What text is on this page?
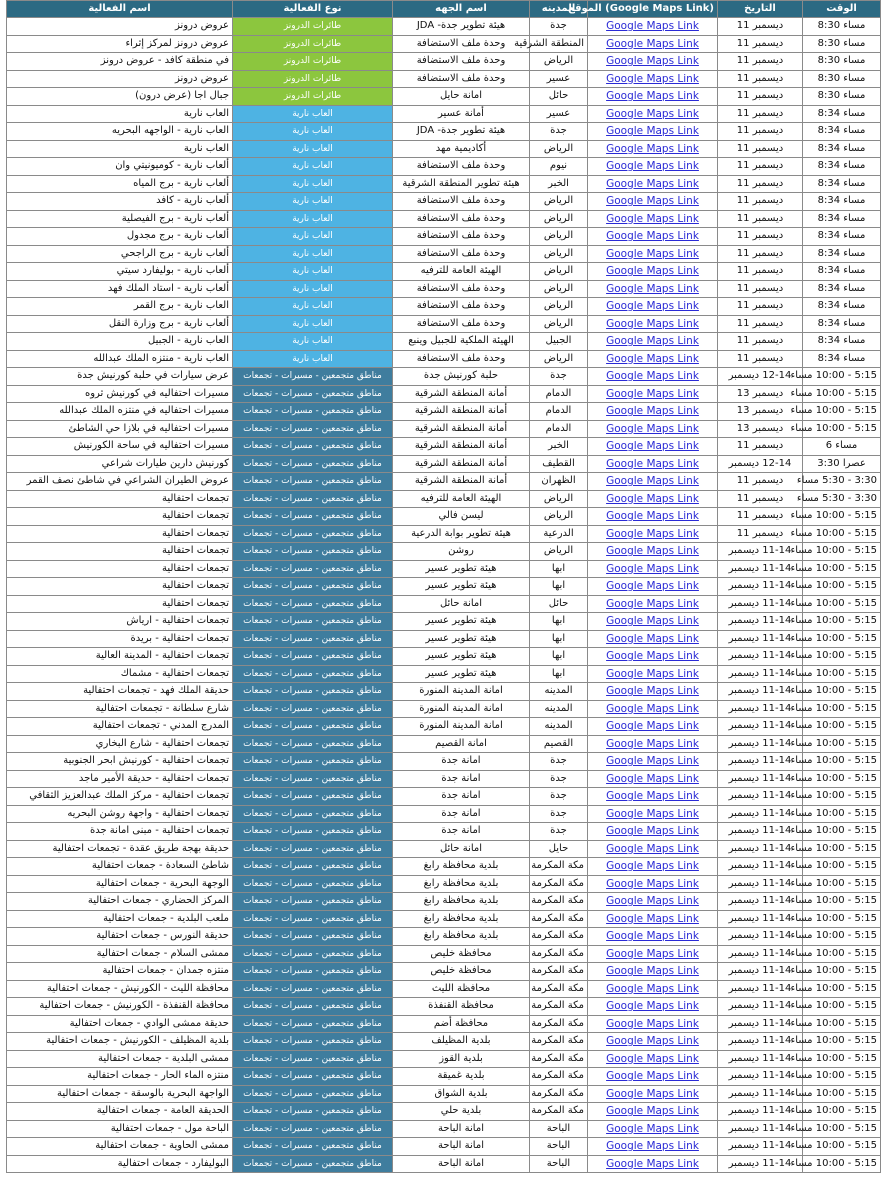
الوقت	التاريخ	(Google Maps Link) الموقع	المدينه	اسم الجهه	نوع الفعالية	اسم الفعالية
مساء 8:30	ديسمبر 11	Google Maps Link	جدة	هيئة تطوير جدة- JDA	طائرات الدرونز	عروض درونز
مساء 8:30	ديسمبر 11	Google Maps Link	المنطقة الشرقية	وحدة ملف الاستضافة	طائرات الدرونز	عروض درونز لمركز إثراء
مساء 8:30	ديسمبر 11	Google Maps Link	الرياض	وحدة ملف الاستضافة	طائرات الدرونز	في منطقة كافد - عروض درونز
مساء 8:30	ديسمبر 11	Google Maps Link	عسير	وحدة ملف الاستضافة	طائرات الدرونز	عروض درونز
مساء 8:30	ديسمبر 11	Google Maps Link	حائل	امانة حايل	طائرات الدرونز	جبال اجا (عرض درون)
مساء 8:34	ديسمبر 11	Google Maps Link	عسير	أمانة عسير	العاب نارية	العاب نارية
مساء 8:34	ديسمبر 11	Google Maps Link	جدة	هيئة تطوير جدة- JDA	العاب نارية	العاب نارية - الواجهه البحريه
مساء 8:34	ديسمبر 11	Google Maps Link	الرياض	أكاديمية مهد	العاب نارية	العاب نارية
مساء 8:34	ديسمبر 11	Google Maps Link	نيوم	وحدة ملف الاستضافة	العاب نارية	ألعاب نارية - كوميونيتي وان
مساء 8:34	ديسمبر 11	Google Maps Link	الخبر	هيئة تطوير المنطقة الشرقية	العاب نارية	ألعاب نارية - برج المياه
مساء 8:34	ديسمبر 11	Google Maps Link	الرياض	وحدة ملف الاستضافة	العاب نارية	ألعاب نارية - كافد
مساء 8:34	ديسمبر 11	Google Maps Link	الرياض	وحدة ملف الاستضافة	العاب نارية	ألعاب نارية - برج الفيصلية
مساء 8:34	ديسمبر 11	Google Maps Link	الرياض	وحدة ملف الاستضافة	العاب نارية	ألعاب نارية - برج مجدول
مساء 8:34	ديسمبر 11	Google Maps Link	الرياض	وحدة ملف الاستضافة	العاب نارية	ألعاب نارية - برج الراجحي
مساء 8:34	ديسمبر 11	Google Maps Link	الرياض	الهيئة العامة للترفيه	العاب نارية	ألعاب نارية - بوليفارد سيتي
مساء 8:34	ديسمبر 11	Google Maps Link	الرياض	وحدة ملف الاستضافة	العاب نارية	ألعاب نارية - استاد الملك فهد
مساء 8:34	ديسمبر 11	Google Maps Link	الرياض	وحدة ملف الاستضافة	العاب نارية	العاب نارية - برج القمر
مساء 8:34	ديسمبر 11	Google Maps Link	الرياض	وحدة ملف الاستضافة	العاب نارية	ألعاب نارية - برج وزارة النقل
مساء 8:34	ديسمبر 11	Google Maps Link	الجبيل	الهيئة الملكية للجبيل وينبع	العاب نارية	العاب نارية - الجبيل
مساء 8:34	ديسمبر 11	Google Maps Link	الرياض	وحدة ملف الاستضافة	العاب نارية	العاب نارية - منتزه الملك عبدالله
5:15 - 10:00 مساء	12-14 ديسمبر	Google Maps Link	جدة	حلبة كورنيش جدة	مناطق متجمعين - مسيرات - تجمعات	عرض سيارات في حلبة كورنيش جدة
5:15 - 10:00 مساء	ديسمبر 13	Google Maps Link	الدمام	أمانة المنطقة الشرقية	مناطق متجمعين - مسيرات - تجمعات	مسيرات احتفاليه في كورنيش ثروه
5:15 - 10:00 مساء	ديسمبر 13	Google Maps Link	الدمام	أمانة المنطقة الشرقية	مناطق متجمعين - مسيرات - تجمعات	مسيرات احتفاليه في منتزه الملك عبدالله
5:15 - 10:00 مساء	ديسمبر 13	Google Maps Link	الدمام	أمانة المنطقة الشرقية	مناطق متجمعين - مسيرات - تجمعات	مسيرات احتفاليه في بلازا حي الشاطئ
مساء 6	ديسمبر 11	Google Maps Link	الخبر	أمانة المنطقة الشرقية	مناطق متجمعين - مسيرات - تجمعات	مسيرات احتفاليه في ساحة الكورنيش
عصرا 3:30	12-14 ديسمبر	Google Maps Link	القطيف	أمانة المنطقة الشرقية	مناطق متجمعين - مسيرات - تجمعات	كورنيش دارين طيارات شراعي
3:30 - 5:30 مساء	ديسمبر 11	Google Maps Link	الظهران	أمانة المنطقة الشرقية	مناطق متجمعين - مسيرات - تجمعات	عروض الطيران الشراعي في شاطئ نصف القمر
3:30 - 5:30 مساء	ديسمبر 11	Google Maps Link	الرياض	الهيئة العامة للترفيه	مناطق متجمعين - مسيرات - تجمعات	تجمعات احتفالية
5:15 - 10:00 مساء	ديسمبر 11	Google Maps Link	الرياض	ليسن فالي	مناطق متجمعين - مسيرات - تجمعات	تجمعات احتفالية
5:15 - 10:00 مساء	ديسمبر 11	Google Maps Link	الدرعية	هيئة تطوير بوابة الدرعية	مناطق متجمعين - مسيرات - تجمعات	تجمعات احتفالية
5:15 - 10:00 مساء	11-14 ديسمبر	Google Maps Link	الرياض	روشن	مناطق متجمعين - مسيرات - تجمعات	تجمعات احتفالية
5:15 - 10:00 مساء	11-14 ديسمبر	Google Maps Link	ابها	هيئة تطوير عسير	مناطق متجمعين - مسيرات - تجمعات	تجمعات احتفالية
5:15 - 10:00 مساء	11-14 ديسمبر	Google Maps Link	ابها	هيئة تطوير عسير	مناطق متجمعين - مسيرات - تجمعات	تجمعات احتفالية
5:15 - 10:00 مساء	11-14 ديسمبر	Google Maps Link	حائل	امانة حائل	مناطق متجمعين - مسيرات - تجمعات	تجمعات احتفالية
5:15 - 10:00 مساء	11-14 ديسمبر	Google Maps Link	ابها	هيئة تطوير عسير	مناطق متجمعين - مسيرات - تجمعات	تجمعات احتفالية - ارياش
5:15 - 10:00 مساء	11-14 ديسمبر	Google Maps Link	ابها	هيئة تطوير عسير	مناطق متجمعين - مسيرات - تجمعات	تجمعات احتفالية - بريدة
5:15 - 10:00 مساء	11-14 ديسمبر	Google Maps Link	ابها	هيئة تطوير عسير	مناطق متجمعين - مسيرات - تجمعات	تجمعات احتفالية - المدينة العالية
5:15 - 10:00 مساء	11-14 ديسمبر	Google Maps Link	ابها	هيئة تطوير عسير	مناطق متجمعين - مسيرات - تجمعات	تجمعات احتفالية - مشماك
5:15 - 10:00 مساء	11-14 ديسمبر	Google Maps Link	المدينه	امانة المدينة المنورة	مناطق متجمعين - مسيرات - تجمعات	حديقة الملك فهد - تجمعات احتفالية
5:15 - 10:00 مساء	11-14 ديسمبر	Google Maps Link	المدينه	امانة المدينة المنورة	مناطق متجمعين - مسيرات - تجمعات	شارع سلطانة - تجمعات احتفالية
5:15 - 10:00 مساء	11-14 ديسمبر	Google Maps Link	المدينه	امانة المدينة المنورة	مناطق متجمعين - مسيرات - تجمعات	المدرج المدني - تجمعات احتفالية
5:15 - 10:00 مساء	11-14 ديسمبر	Google Maps Link	القصيم	امانة القصيم	مناطق متجمعين - مسيرات - تجمعات	تجمعات احتفالية - شارع البخاري
5:15 - 10:00 مساء	11-14 ديسمبر	Google Maps Link	جدة	امانة جدة	مناطق متجمعين - مسيرات - تجمعات	تجمعات احتفالية - كورنيش ابحر الجنوبية
5:15 - 10:00 مساء	11-14 ديسمبر	Google Maps Link	جدة	امانة جدة	مناطق متجمعين - مسيرات - تجمعات	تجمعات احتفالية - حديقة الأمير ماجد
5:15 - 10:00 مساء	11-14 ديسمبر	Google Maps Link	جدة	امانة جدة	مناطق متجمعين - مسيرات - تجمعات	تجمعات احتفالية - مركز الملك عبدالعزيز الثقافي
5:15 - 10:00 مساء	11-14 ديسمبر	Google Maps Link	جدة	امانة جدة	مناطق متجمعين - مسيرات - تجمعات	تجمعات احتفالية - واجهة روشن البحريه
5:15 - 10:00 مساء	11-14 ديسمبر	Google Maps Link	جدة	امانة جدة	مناطق متجمعين - مسيرات - تجمعات	تجمعات احتفالية - مبنى امانة جدة
5:15 - 10:00 مساء	11-14 ديسمبر	Google Maps Link	حايل	امانة حائل	مناطق متجمعين - مسيرات - تجمعات	حديقة بهجة طريق عقدة - تجمعات احتفالية
5:15 - 10:00 مساء	11-14 ديسمبر	Google Maps Link	مكة المكرمة	بلدية محافظة رابغ	مناطق متجمعين - مسيرات - تجمعات	شاطئ السعادة - جمعات احتفالية
5:15 - 10:00 مساء	11-14 ديسمبر	Google Maps Link	مكة المكرمة	بلدية محافظة رابغ	مناطق متجمعين - مسيرات - تجمعات	الوجهة البحرية - جمعات احتفالية
5:15 - 10:00 مساء	11-14 ديسمبر	Google Maps Link	مكة المكرمة	بلدية محافظة رابغ	مناطق متجمعين - مسيرات - تجمعات	المركز الحضاري - جمعات احتفالية
5:15 - 10:00 مساء	11-14 ديسمبر	Google Maps Link	مكة المكرمة	بلدية محافظة رابغ	مناطق متجمعين - مسيرات - تجمعات	ملعب البلدية - جمعات احتفالية
5:15 - 10:00 مساء	11-14 ديسمبر	Google Maps Link	مكة المكرمة	بلدية محافظة رابغ	مناطق متجمعين - مسيرات - تجمعات	حديقة النورس - جمعات احتفالية
5:15 - 10:00 مساء	11-14 ديسمبر	Google Maps Link	مكة المكرمة	محافظة خليص	مناطق متجمعين - مسيرات - تجمعات	ممشى السلام - جمعات احتفالية
5:15 - 10:00 مساء	11-14 ديسمبر	Google Maps Link	مكة المكرمة	محافظة خليص	مناطق متجمعين - مسيرات - تجمعات	منتزه جمدان - جمعات احتفالية
5:15 - 10:00 مساء	11-14 ديسمبر	Google Maps Link	مكة المكرمة	محافظة الليث	مناطق متجمعين - مسيرات - تجمعات	محافظة الليث - الكورنيش - جمعات احتفالية
5:15 - 10:00 مساء	11-14 ديسمبر	Google Maps Link	مكة المكرمة	محافظة القنفذة	مناطق متجمعين - مسيرات - تجمعات	محافظة القنفذة - الكورنيش - جمعات احتفالية
5:15 - 10:00 مساء	11-14 ديسمبر	Google Maps Link	مكة المكرمة	محافظة أضم	مناطق متجمعين - مسيرات - تجمعات	حديقة ممشى الوادي - جمعات احتفالية
5:15 - 10:00 مساء	11-14 ديسمبر	Google Maps Link	مكة المكرمة	بلدية المظيلف	مناطق متجمعين - مسيرات - تجمعات	بلدية المظيلف - الكورنيش - جمعات احتفالية
5:15 - 10:00 مساء	11-14 ديسمبر	Google Maps Link	مكة المكرمة	بلدية القوز	مناطق متجمعين - مسيرات - تجمعات	ممشى البلدية - جمعات احتفالية
5:15 - 10:00 مساء	11-14 ديسمبر	Google Maps Link	مكة المكرمة	بلدية غميقة	مناطق متجمعين - مسيرات - تجمعات	منتزه الماء الحار - جمعات احتفالية
5:15 - 10:00 مساء	11-14 ديسمبر	Google Maps Link	مكة المكرمة	بلدية الشواق	مناطق متجمعين - مسيرات - تجمعات	الواجهة البحرية بالوسقة - جمعات احتفالية
5:15 - 10:00 مساء	11-14 ديسمبر	Google Maps Link	مكة المكرمة	بلدية حلي	مناطق متجمعين - مسيرات - تجمعات	الحديقة العامة - جمعات احتفالية
5:15 - 10:00 مساء	11-14 ديسمبر	Google Maps Link	الباحة	امانة الباحة	مناطق متجمعين - مسيرات - تجمعات	الباحة مول - جمعات احتفالية
5:15 - 10:00 مساء	11-14 ديسمبر	Google Maps Link	الباحة	امانة الباحة	مناطق متجمعين - مسيرات - تجمعات	ممشى الحاوية - جمعات احتفالية
5:15 - 10:00 مساء	11-14 ديسمبر	Google Maps Link	الباحة	امانة الباحة	مناطق متجمعين - مسيرات - تجمعات	البوليفارد - جمعات احتفالية
